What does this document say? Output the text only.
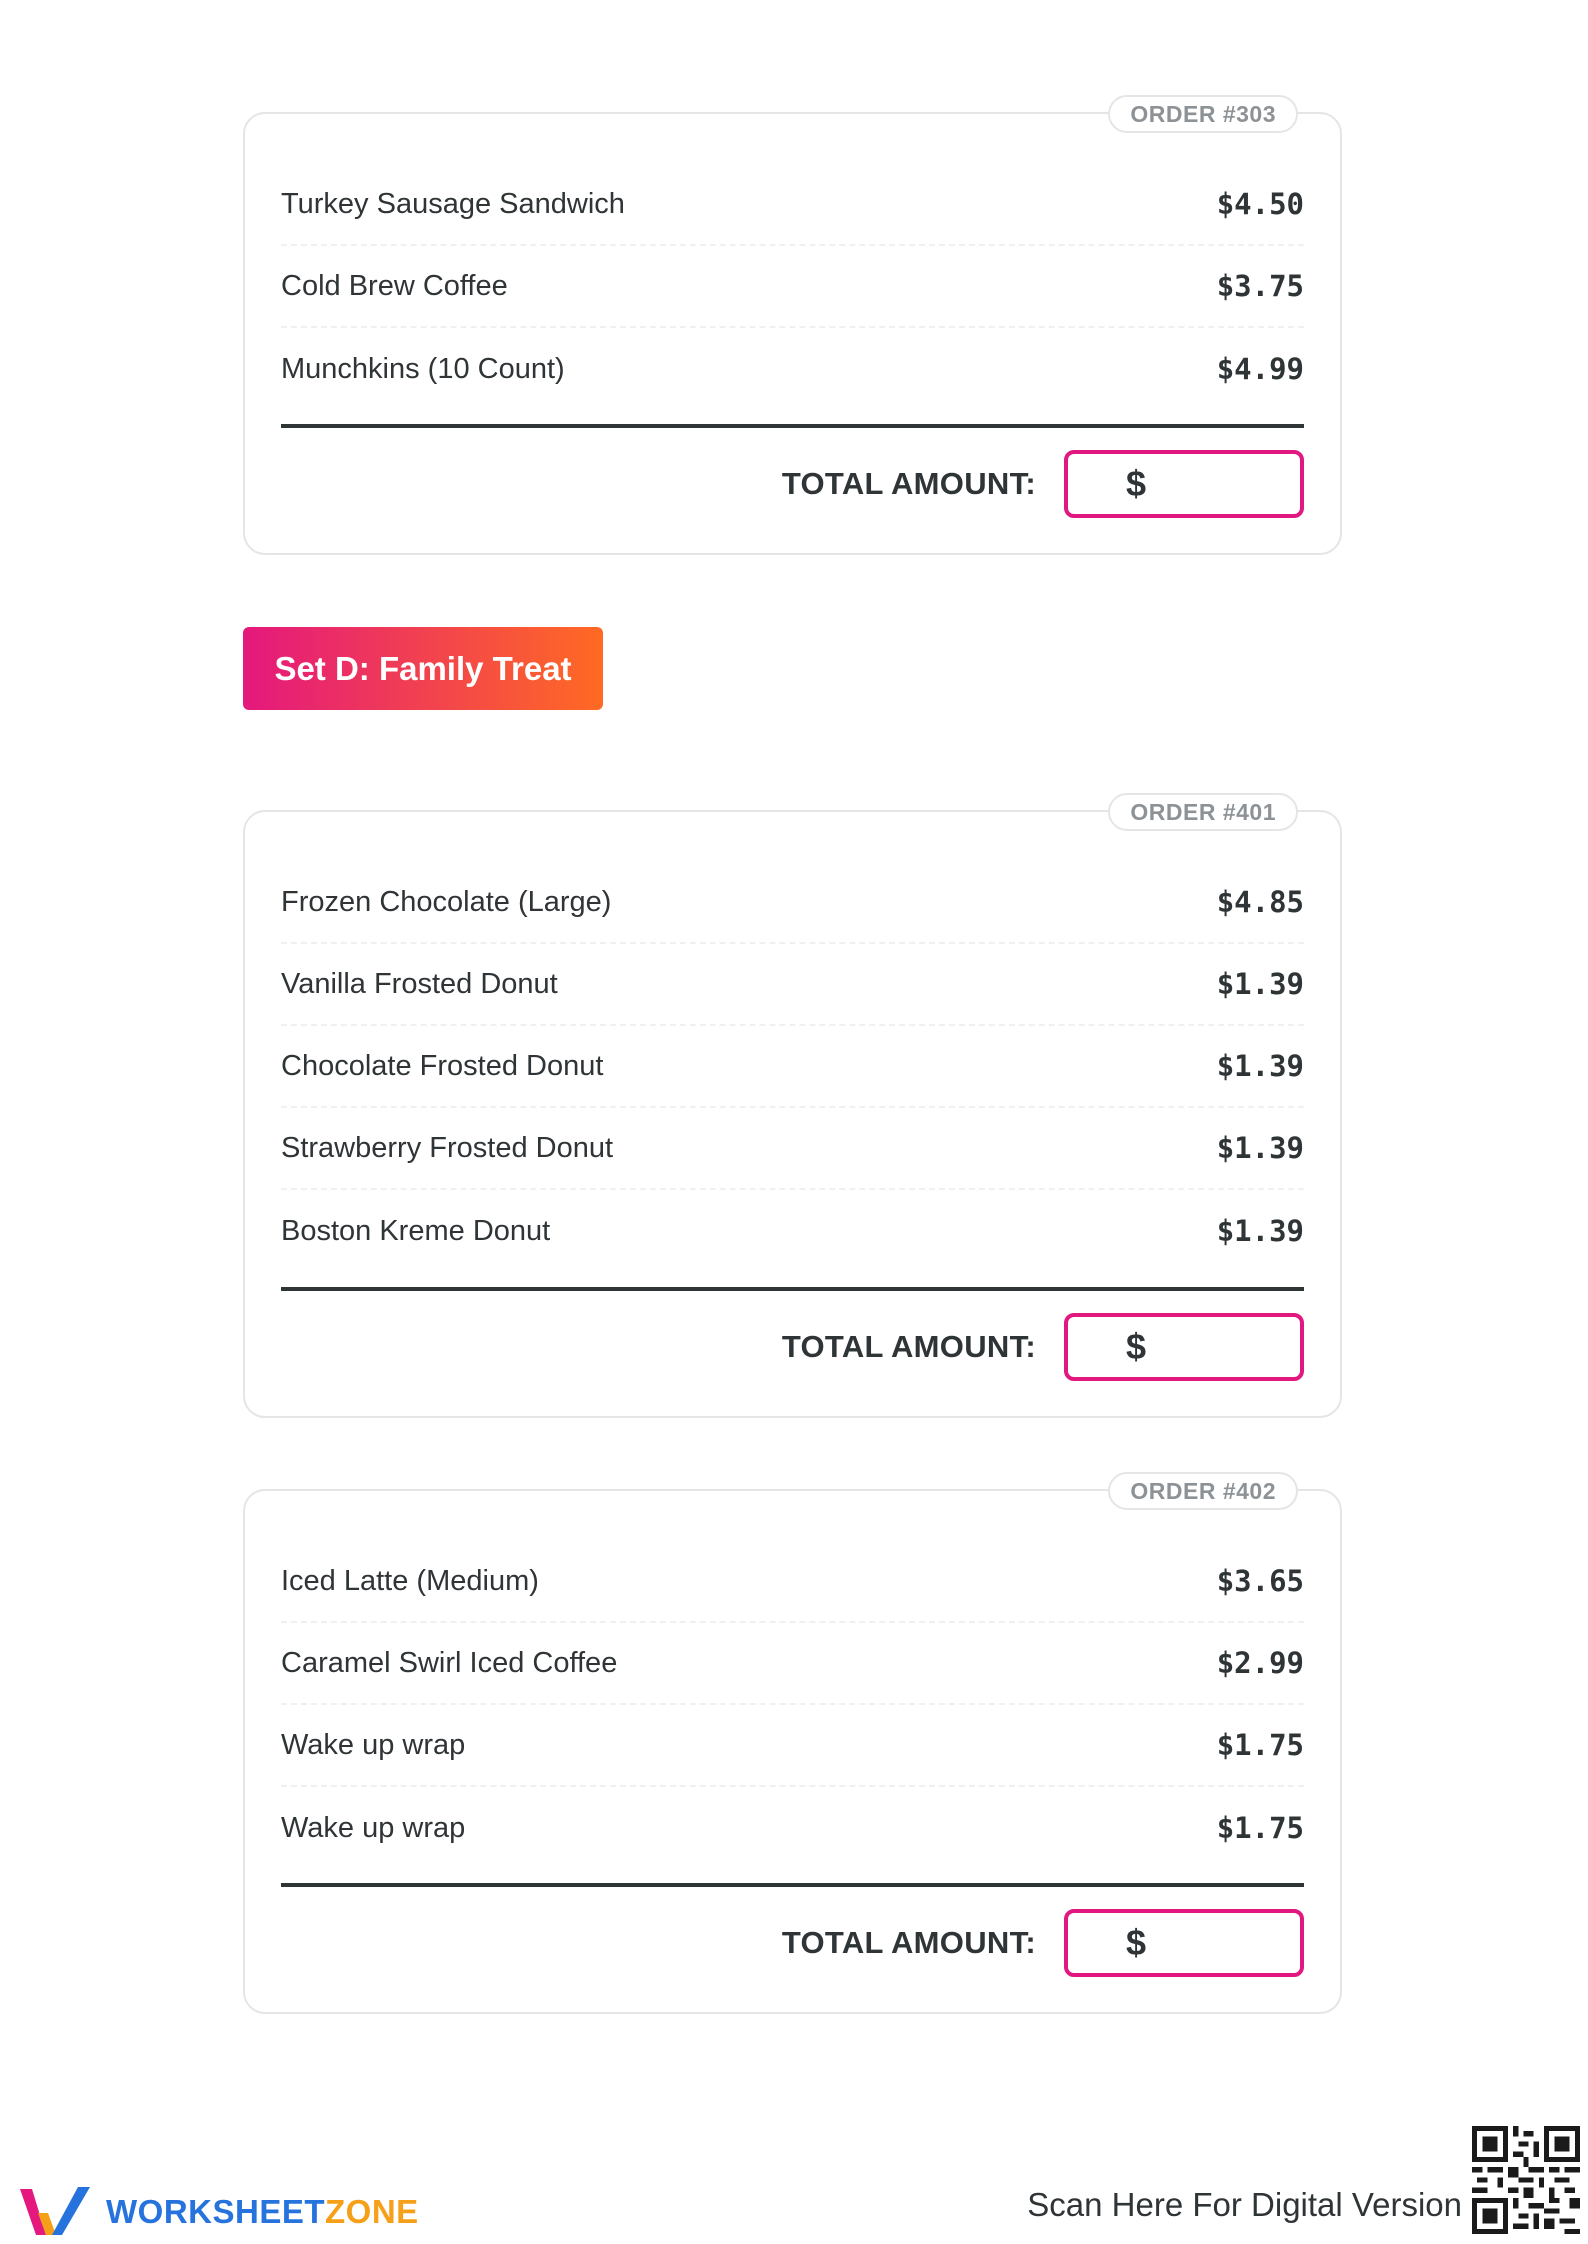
ORDER #303
Turkey Sausage Sandwich	$4.50
Cold Brew Coffee	$3.75
Munchkins (10 Count)	$4.99
TOTAL AMOUNT:	$
Set D: Family Treat
ORDER #401
Frozen Chocolate (Large)	$4.85
Vanilla Frosted Donut	$1.39
Chocolate Frosted Donut	$1.39
Strawberry Frosted Donut	$1.39
Boston Kreme Donut	$1.39
TOTAL AMOUNT:	$
ORDER #402
Iced Latte (Medium)	$3.65
Caramel Swirl Iced Coffee	$2.99
Wake up wrap	$1.75
Wake up wrap	$1.75
TOTAL AMOUNT:	$
WORKSHEETZONE	Scan Here For Digital Version
